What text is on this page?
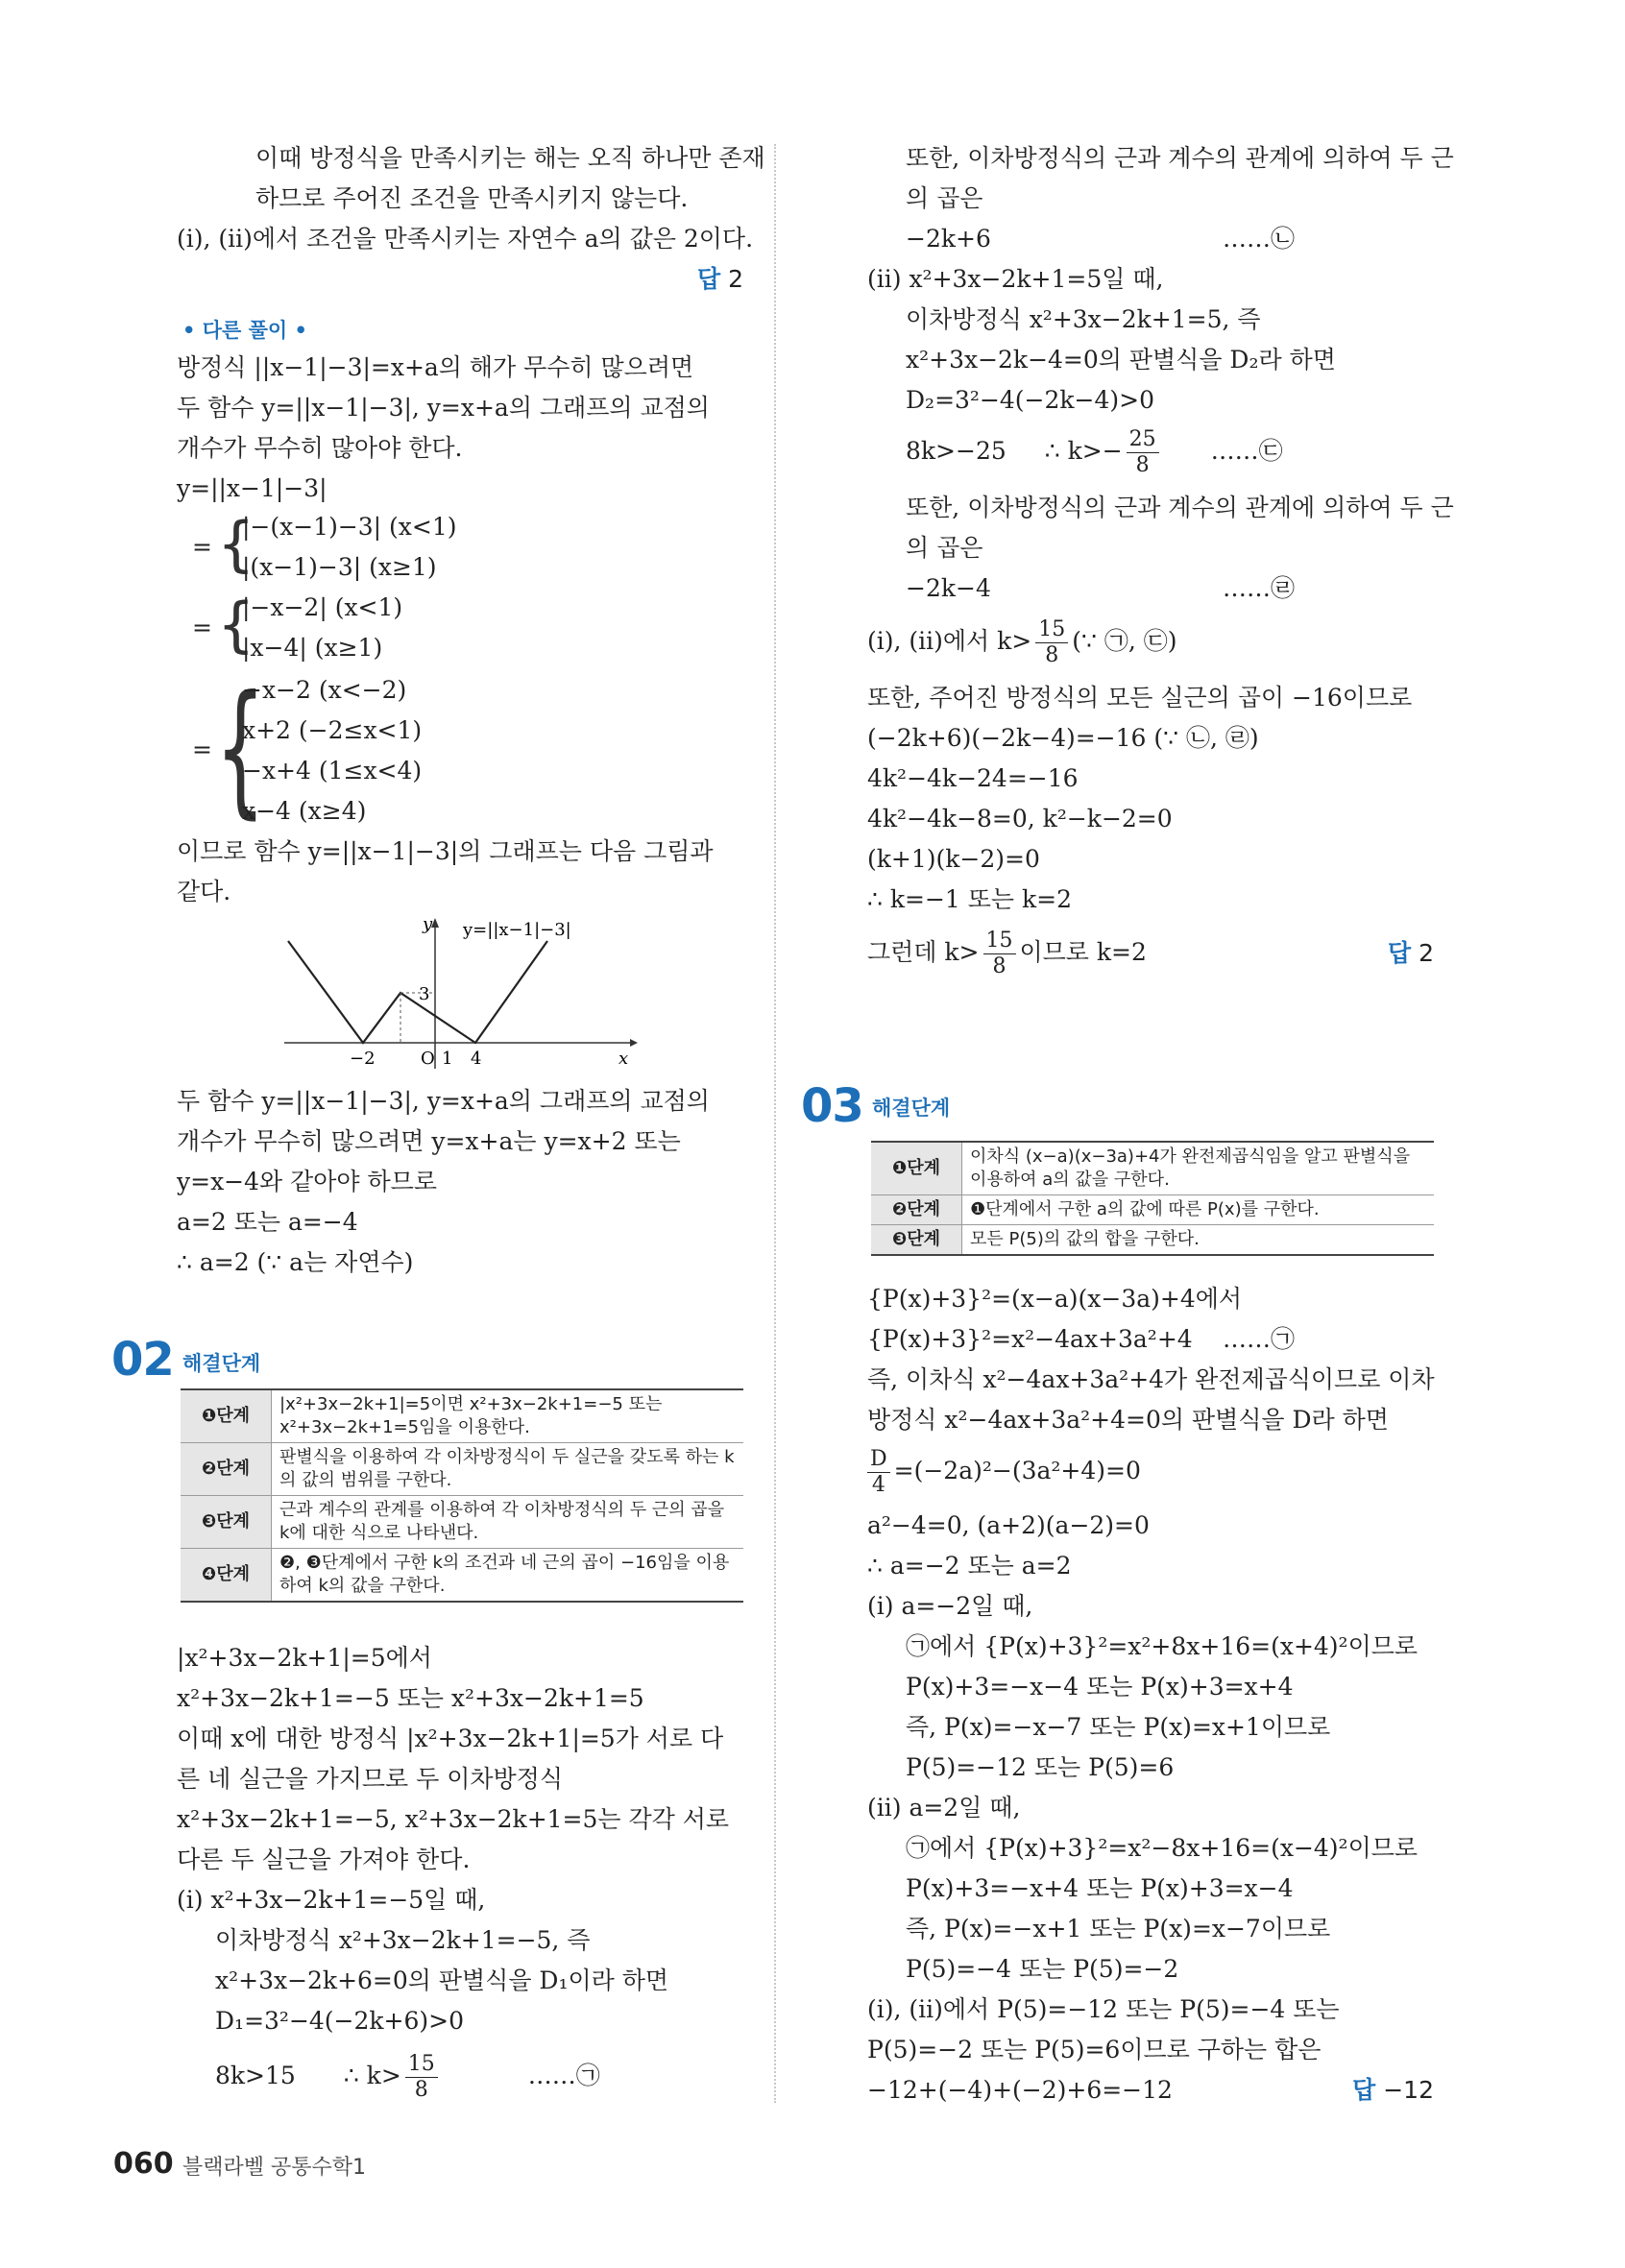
이때 방정식을 만족시키는 해는 오직 하나만 존재
하므로 주어진 조건을 만족시키지 않는다.
(ⅰ), (ⅱ)에서 조건을 만족시키는 자연수 a의 값은 2이다.
답 2
• 다른 풀이 •
방정식 ||x−1|−3|=x+a의 해가 무수히 많으려면
두 함수 y=||x−1|−3|, y=x+a의 그래프의 교점의
개수가 무수히 많아야 한다.
y=||x−1|−3|
= {
|−(x−1)−3| (x<1)
|(x−1)−3| (x≥1)
= {
|−x−2| (x<1)
|x−4| (x≥1)
= {
−x−2 (x<−2)
x+2 (−2≤x<1)
−x+4 (1≤x<4)
x−4 (x≥4)
이므로 함수 y=||x−1|−3|의 그래프는 다음 그림과
같다.
y y=||x−1|−3|
3
O
−2	1 4	x
두 함수 y=||x−1|−3|, y=x+a의 그래프의 교점의
개수가 무수히 많으려면 y=x+a는 y=x+2 또는
y=x−4와 같아야 하므로
a=2 또는 a=−4
∴ a=2 (∵ a는 자연수)
02 해결단계
❶단계	|x²+3x−2k+1|=5이면 x²+3x−2k+1=−5 또는 x²+3x−2k+1=5임을 이용한다.
❷단계	판별식을 이용하여 각 이차방정식이 두 실근을 갖도록 하는 k의 값의 범위를 구한다.
❸단계	근과 계수의 관계를 이용하여 각 이차방정식의 두 근의 곱을 k에 대한 식으로 나타낸다.
❹단계	❷, ❸단계에서 구한 k의 조건과 네 근의 곱이 −16임을 이용하여 k의 값을 구한다.
|x²+3x−2k+1|=5에서
x²+3x−2k+1=−5 또는 x²+3x−2k+1=5
이때 x에 대한 방정식 |x²+3x−2k+1|=5가 서로 다
른 네 실근을 가지므로 두 이차방정식
x²+3x−2k+1=−5, x²+3x−2k+1=5는 각각 서로
다른 두 실근을 가져야 한다.
(ⅰ) x²+3x−2k+1=−5일 때,
이차방정식 x²+3x−2k+1=−5, 즉
x²+3x−2k+6=0의 판별식을 D₁이라 하면
D₁=3²−4(−2k+6)>0
8k>15 ∴ $k> \frac{15}{8}$	……㉠
또한, 이차방정식의 근과 계수의 관계에 의하여 두 근
의 곱은
−2k+6	……㉡
(ⅱ) x²+3x−2k+1=5일 때,
이차방정식 x²+3x−2k+1=5, 즉
x²+3x−2k−4=0의 판별식을 D₂라 하면
D₂=3²−4(−2k−4)>0
8k>−25 ∴ $k>- \frac{25}{8}$ ……㉢
또한, 이차방정식의 근과 계수의 관계에 의하여 두 근
의 곱은
−2k−4	……㉣
(ⅰ), (ⅱ)에서 $k> \frac{15}{8}$ (∵ ㉠, ㉢)
또한, 주어진 방정식의 모든 실근의 곱이 −16이므로
(−2k+6)(−2k−4)=−16 (∵ ㉡, ㉣)
4k²−4k−24=−16
4k²−4k−8=0, k²−k−2=0
(k+1)(k−2)=0
∴ k=−1 또는 k=2
그런데 $k> \frac{15}{8}$ 이므로 k=2	답 2
03 해결단계
❶단계	이차식 (x−a)(x−3a)+4가 완전제곱식임을 알고 판별식을 이용하여 a의 값을 구한다.
❷단계	❶단계에서 구한 a의 값에 따른 P(x)를 구한다.
❸단계	모든 P(5)의 값의 합을 구한다.
{P(x)+3}²=(x−a)(x−3a)+4에서
{P(x)+3}²=x²−4ax+3a²+4 ……㉠
즉, 이차식 x²−4ax+3a²+4가 완전제곱식이므로 이차
방정식 x²−4ax+3a²+4=0의 판별식을 D라 하면
$\frac{D}{4} =(-2a)^2-(3a^2+4)=0$
a²−4=0, (a+2)(a−2)=0
∴ a=−2 또는 a=2
(ⅰ) a=−2일 때,
㉠에서 {P(x)+3}²=x²+8x+16=(x+4)²이므로
P(x)+3=−x−4 또는 P(x)+3=x+4
즉, P(x)=−x−7 또는 P(x)=x+1이므로
P(5)=−12 또는 P(5)=6
(ⅱ) a=2일 때,
㉠에서 {P(x)+3}²=x²−8x+16=(x−4)²이므로
P(x)+3=−x+4 또는 P(x)+3=x−4
즉, P(x)=−x+1 또는 P(x)=x−7이므로
P(5)=−4 또는 P(5)=−2
(ⅰ), (ⅱ)에서 P(5)=−12 또는 P(5)=−4 또는
P(5)=−2 또는 P(5)=6이므로 구하는 합은
−12+(−4)+(−2)+6=−12	답 −12
060 블랙라벨 공통수학1
